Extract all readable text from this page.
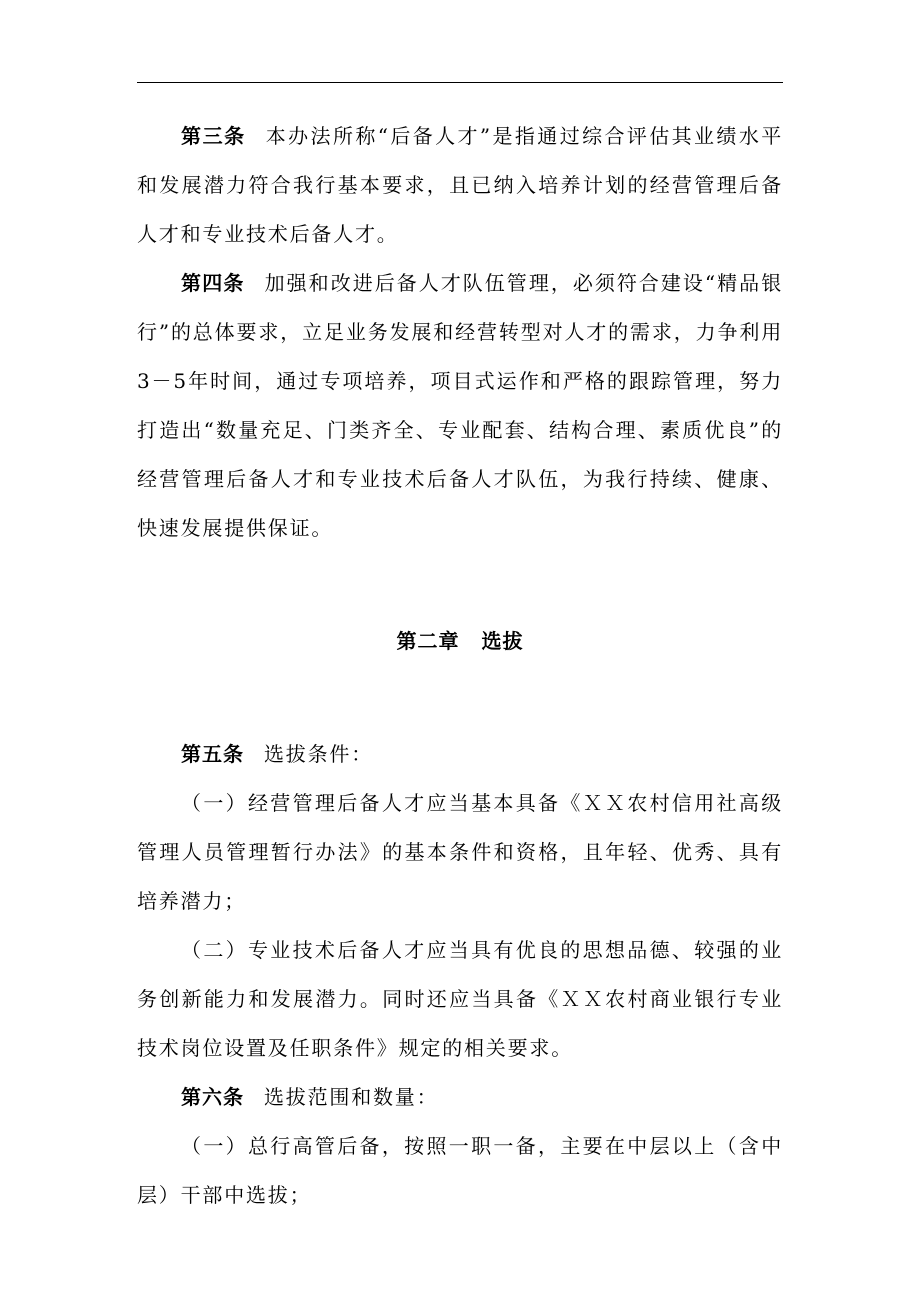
第三条 本办法所称“后备人才”是指通过综合评估其业绩水平和发展潜力符合我行基本要求，且已纳入培养计划的经营管理后备人才和专业技术后备人才。

第四条 加强和改进后备人才队伍管理，必须符合建设“精品银行”的总体要求，立足业务发展和经营转型对人才的需求，力争利用3－5年时间，通过专项培养，项目式运作和严格的跟踪管理，努力打造出“数量充足、门类齐全、专业配套、结构合理、素质优良”的经营管理后备人才和专业技术后备人才队伍，为我行持续、健康、快速发展提供保证。

第二章 选拔

第五条 选拔条件：

（一）经营管理后备人才应当基本具备《ＸＸ农村信用社高级管理人员管理暂行办法》的基本条件和资格，且年轻、优秀、具有培养潜力；

（二）专业技术后备人才应当具有优良的思想品德、较强的业务创新能力和发展潜力。同时还应当具备《ＸＸ农村商业银行专业技术岗位设置及任职条件》规定的相关要求。

第六条 选拔范围和数量：

（一）总行高管后备，按照一职一备，主要在中层以上（含中层）干部中选拔；
